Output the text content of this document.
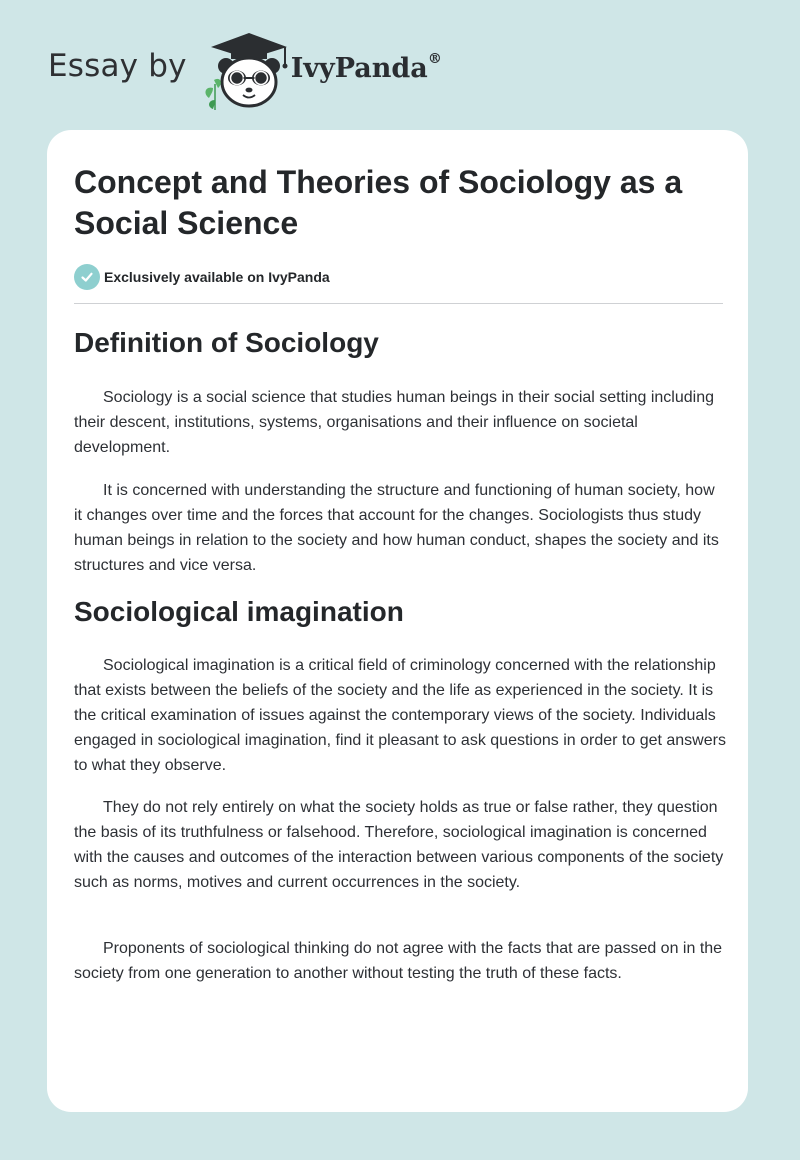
Essay by	IvyPanda®
Concept and Theories of Sociology as a Social Science
Exclusively available on IvyPanda
Definition of Sociology

Sociology is a social science that studies human beings in their social setting including their descent, institutions, systems, organisations and their influence on societal development.

It is concerned with understanding the structure and functioning of human society, how it changes over time and the forces that account for the changes. Sociologists thus study human beings in relation to the society and how human conduct, shapes the society and its structures and vice versa.

Sociological imagination

Sociological imagination is a critical field of criminology concerned with the relationship that exists between the beliefs of the society and the life as experienced in the society. It is the critical examination of issues against the contemporary views of the society. Individuals engaged in sociological imagination, find it pleasant to ask questions in order to get answers to what they observe.

They do not rely entirely on what the society holds as true or false rather, they question the basis of its truthfulness or falsehood. Therefore, sociological imagination is concerned with the causes and outcomes of the interaction between various components of the society such as norms, motives and current occurrences in the society.

Proponents of sociological thinking do not agree with the facts that are passed on in the society from one generation to another without testing the truth of these facts.
